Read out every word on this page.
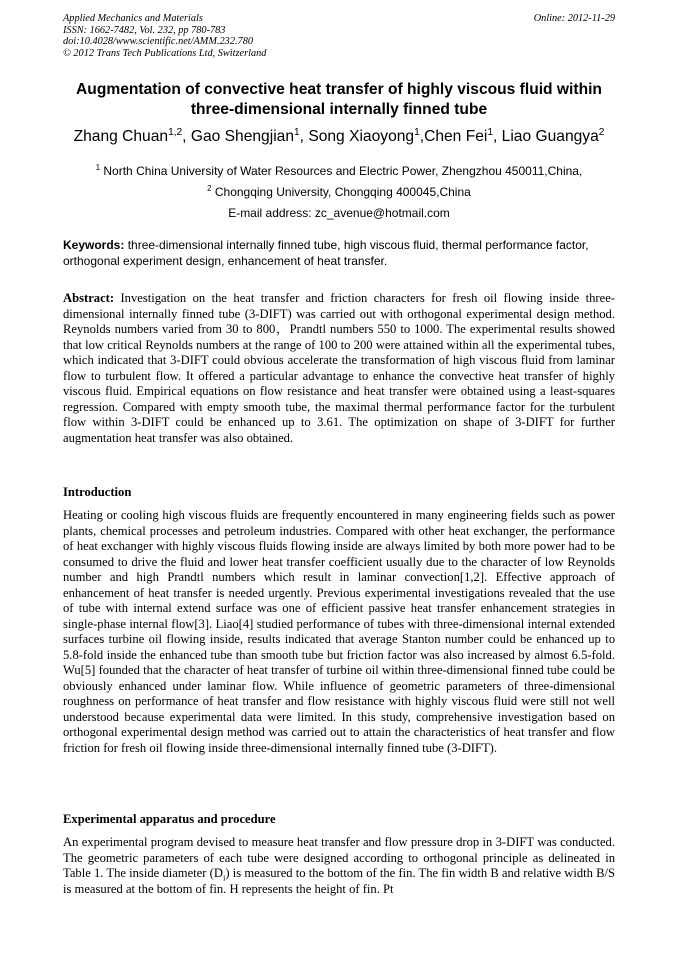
Applied Mechanics and Materials
ISSN: 1662-7482, Vol. 232, pp 780-783
doi:10.4028/www.scientific.net/AMM.232.780
© 2012 Trans Tech Publications Ltd, Switzerland
Online: 2012-11-29
Augmentation of convective heat transfer of highly viscous fluid within
three-dimensional internally finned tube
Zhang Chuan$^{1,2}$, Gao Shengjian$^1$, Song Xiaoyong$^1$,Chen Fei$^1$, Liao Guangya$^2$
$^1$ North China University of Water Resources and Electric Power, Zhengzhou 450011,China,
$^2$ Chongqing University, Chongqing 400045,China
E-mail address: zc_avenue@hotmail.com
Keywords: three-dimensional internally finned tube, high viscous fluid, thermal performance factor, orthogonal experiment design, enhancement of heat transfer.
Abstract: Investigation on the heat transfer and friction characters for fresh oil flowing inside three-dimensional internally finned tube (3-DIFT) was carried out with orthogonal experimental design method. Reynolds numbers varied from 30 to 800，Prandtl numbers 550 to 1000. The experimental results showed that low critical Reynolds numbers at the range of 100 to 200 were attained within all the experimental tubes, which indicated that 3-DIFT could obvious accelerate the transformation of high viscous fluid from laminar flow to turbulent flow. It offered a particular advantage to enhance the convective heat transfer of highly viscous fluid. Empirical equations on flow resistance and heat transfer were obtained using a least-squares regression. Compared with empty smooth tube, the maximal thermal performance factor for the turbulent flow within 3-DIFT could be enhanced up to 3.61. The optimization on shape of 3-DIFT for further augmentation heat transfer was also obtained.
Introduction
Heating or cooling high viscous fluids are frequently encountered in many engineering fields such as power plants, chemical processes and petroleum industries. Compared with other heat exchanger, the performance of heat exchanger with highly viscous fluids flowing inside are always limited by both more power had to be consumed to drive the fluid and lower heat transfer coefficient usually due to the character of low Reynolds number and high Prandtl numbers which result in laminar convection[1,2]. Effective approach of enhancement of heat transfer is needed urgently. Previous experimental investigations revealed that the use of tube with internal extend surface was one of efficient passive heat transfer enhancement strategies in single-phase internal flow[3]. Liao[4] studied performance of tubes with three-dimensional internal extended surfaces turbine oil flowing inside, results indicated that average Stanton number could be enhanced up to 5.8-fold inside the enhanced tube than smooth tube but friction factor was also increased by almost 6.5-fold. Wu[5] founded that the character of heat transfer of turbine oil within three-dimensional finned tube could be obviously enhanced under laminar flow. While influence of geometric parameters of three-dimensional roughness on performance of heat transfer and flow resistance with highly viscous fluid were still not well understood because experimental data were limited. In this study, comprehensive investigation based on orthogonal experimental design method was carried out to attain the characteristics of heat transfer and flow friction for fresh oil flowing inside three-dimensional internally finned tube (3-DIFT).
Experimental apparatus and procedure
An experimental program devised to measure heat transfer and flow pressure drop in 3-DIFT was conducted. The geometric parameters of each tube were designed according to orthogonal principle as delineated in Table 1. The inside diameter $(D_i)$ is measured to the bottom of the fin. The fin width B and relative width B/S is measured at the bottom of fin. H represents the height of fin. Pt
